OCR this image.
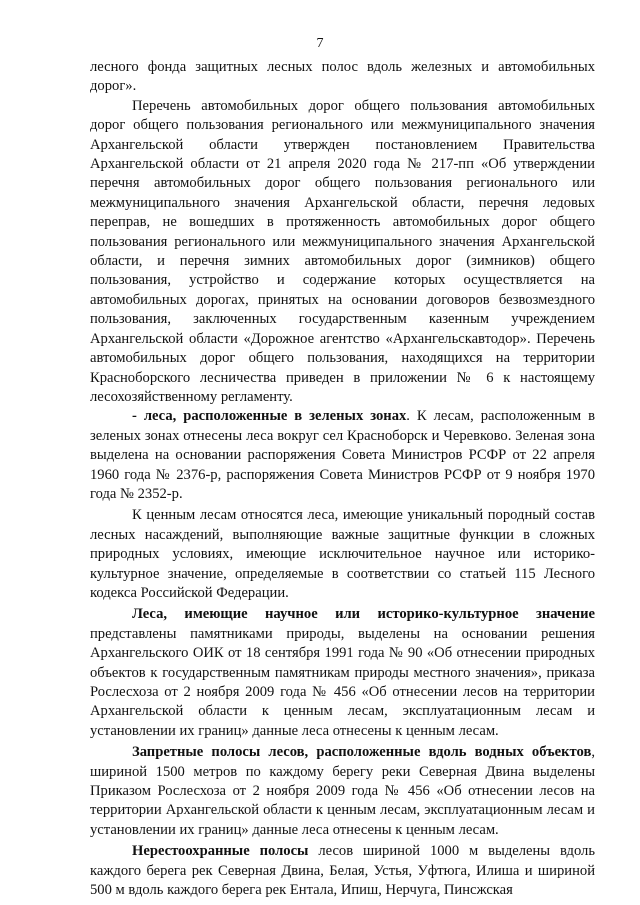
7

лесного фонда защитных лесных полос вдоль железных и автомобильных дорог».

Перечень автомобильных дорог общего пользования автомобильных дорог общего пользования регионального или межмуниципального значения Архангельской области утвержден постановлением Правительства Архангельской области от 21 апреля 2020 года № 217-пп «Об утверждении перечня автомобильных дорог общего пользования регионального или межмуниципального значения Архангельской области, перечня ледовых переправ, не вошедших в протяженность автомобильных дорог общего пользования регионального или межмуниципального значения Архангельской области, и перечня зимних автомобильных дорог (зимников) общего пользования, устройство и содержание которых осуществляется на автомобильных дорогах, принятых на основании договоров безвозмездного пользования, заключенных государственным казенным учреждением Архангельской области «Дорожное агентство «Архангельскавтодор». Перечень автомобильных дорог общего пользования, находящихся на территории Красноборского лесничества приведен в приложении № 6 к настоящему лесохозяйственному регламенту.

- леса, расположенные в зеленых зонах. К лесам, расположенным в зеленых зонах отнесены леса вокруг сел Красноборск и Черевково. Зеленая зона выделена на основании распоряжения Совета Министров РСФР от 22 апреля 1960 года № 2376-р, распоряжения Совета Министров РСФР от 9 ноября 1970 года № 2352-р.

К ценным лесам относятся леса, имеющие уникальный породный состав лесных насаждений, выполняющие важные защитные функции в сложных природных условиях, имеющие исключительное научное или историко-культурное значение, определяемые в соответствии со статьей 115 Лесного кодекса Российской Федерации.

Леса, имеющие научное или историко-культурное значение представлены памятниками природы, выделены на основании решения Архангельского ОИК от 18 сентября 1991 года № 90 «Об отнесении природных объектов к государственным памятникам природы местного значения», приказа Рослесхоза от 2 ноября 2009 года № 456 «Об отнесении лесов на территории Архангельской области к ценным лесам, эксплуатационным лесам и установлении их границ» данные леса отнесены к ценным лесам.

Запретные полосы лесов, расположенные вдоль водных объектов, шириной 1500 метров по каждому берегу реки Северная Двина выделены Приказом Рослесхоза от 2 ноября 2009 года № 456 «Об отнесении лесов на территории Архангельской области к ценным лесам, эксплуатационным лесам и установлении их границ» данные леса отнесены к ценным лесам.

Нерестоохранные полосы лесов шириной 1000 м выделены вдоль каждого берега рек Северная Двина, Белая, Устья, Уфтюга, Илиша и шириной 500 м вдоль каждого берега рек Ентала, Ипиш, Нерчуга, Пинсжская
